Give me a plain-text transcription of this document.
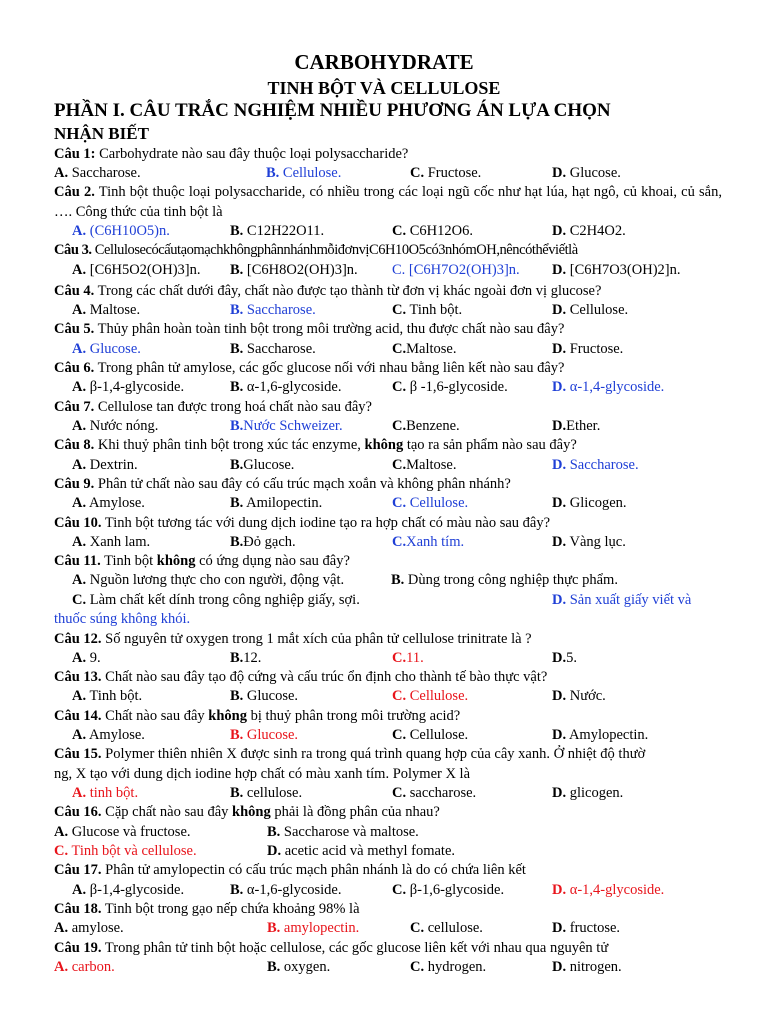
CARBOHYDRATE
TINH BỘT VÀ CELLULOSE
PHẦN I. CÂU TRẮC NGHIỆM NHIỀU PHƯƠNG ÁN LỰA CHỌN
NHẬN BIẾT
Câu 1: Carbohydrate nào sau đây thuộc loại polysaccharide?
A. Saccharose.	B. Cellulose.	C. Fructose.	D. Glucose.
Câu 2. Tinh bột thuộc loại polysaccharide, có nhiều trong các loại ngũ cốc như hạt lúa, hạt ngô, củ khoai, củ sắn, …. Công thức của tinh bột là
A. (C6H10O5)n.	B. C12H22O11.	C. C6H12O6.	D. C2H4O2.
Câu 3. CellulosecócấutạomạchkhôngphânnhánhmỗiđơnvịC6H10O5có3nhómOH,nêncóthểviếtlà
A. [C6H5O2(OH)3]n. B. [C6H8O2(OH)3]n. C. [C6H7O2(OH)3]n. D. [C6H7O3(OH)2]n.
Câu 4. Trong các chất dưới đây, chất nào được tạo thành từ đơn vị khác ngoài đơn vị glucose?
A. Maltose.	B. Saccharose.	C. Tinh bột.	D. Cellulose.
Câu 5. Thủy phân hoàn toàn tinh bột trong môi trường acid, thu được chất nào sau đây?
A. Glucose.	B. Saccharose.	C.Maltose.	D. Fructose.
Câu 6. Trong phân tử amylose, các gốc glucose nối với nhau bằng liên kết nào sau đây?
A. β-1,4-glycoside.	B. α-1,6-glycoside.	C. β -1,6-glycoside.	D. α-1,4-glycoside.
Câu 7. Cellulose tan được trong hoá chất nào sau đây?
A. Nước nóng.	B.Nước Schweizer.	C.Benzene.	D.Ether.
Câu 8. Khi thuỷ phân tinh bột trong xúc tác enzyme, không tạo ra sản phẩm nào sau đây?
A. Dextrin.	B.Glucose.	C.Maltose.	D. Saccharose.
Câu 9. Phân tử chất nào sau đây có cấu trúc mạch xoắn và không phân nhánh?
A. Amylose.	B. Amilopectin.	C. Cellulose.	D. Glicogen.
Câu 10. Tinh bột tương tác với dung dịch iodine tạo ra hợp chất có màu nào sau đây?
A. Xanh lam.	B.Đỏ gạch.	C.Xanh tím.	D. Vàng lục.
Câu 11. Tinh bột không có ứng dụng nào sau đây?
A. Nguồn lương thực cho con người, động vật.	B. Dùng trong công nghiệp thực phẩm.
C. Làm chất kết dính trong công nghiệp giấy, sợi.	D. Sản xuất giấy viết và
thuốc súng không khói.
Câu 12. Số nguyên tử oxygen trong 1 mắt xích của phân tử cellulose trinitrate là ?
A. 9.	B.12.	C.11.	D.5.
Câu 13. Chất nào sau đây tạo độ cứng và cấu trúc ổn định cho thành tế bào thực vật?
A. Tinh bột.	B. Glucose.	C. Cellulose.	D. Nước.
Câu 14. Chất nào sau đây không bị thuỷ phân trong môi trường acid?
A. Amylose.	B. Glucose.	C. Cellulose.	D. Amylopectin.
Câu 15. Polymer thiên nhiên X được sinh ra trong quá trình quang hợp của cây xanh. Ở nhiệt độ thườ
ng, X tạo với dung dịch iodine hợp chất có màu xanh tím. Polymer X là
A. tinh bột.	B. cellulose.	C. saccharose.	D. glicogen.
Câu 16. Cặp chất nào sau đây không phải là đồng phân của nhau?
A. Glucose và fructose.	B. Saccharose và maltose.
C. Tinh bột và cellulose.	D. acetic acid và methyl fomate.
Câu 17. Phân tử amylopectin có cấu trúc mạch phân nhánh là do có chứa liên kết
A. β-1,4-glycoside.	B. α-1,6-glycoside.	C. β-1,6-glycoside.	D. α-1,4-glycoside.
Câu 18. Tinh bột trong gạo nếp chứa khoảng 98% là
A. amylose.	B. amylopectin.	C. cellulose.	D. fructose.
Câu 19. Trong phân tử tinh bột hoặc cellulose, các gốc glucose liên kết với nhau qua nguyên tử
A. carbon.	B. oxygen.	C. hydrogen.	D. nitrogen.
